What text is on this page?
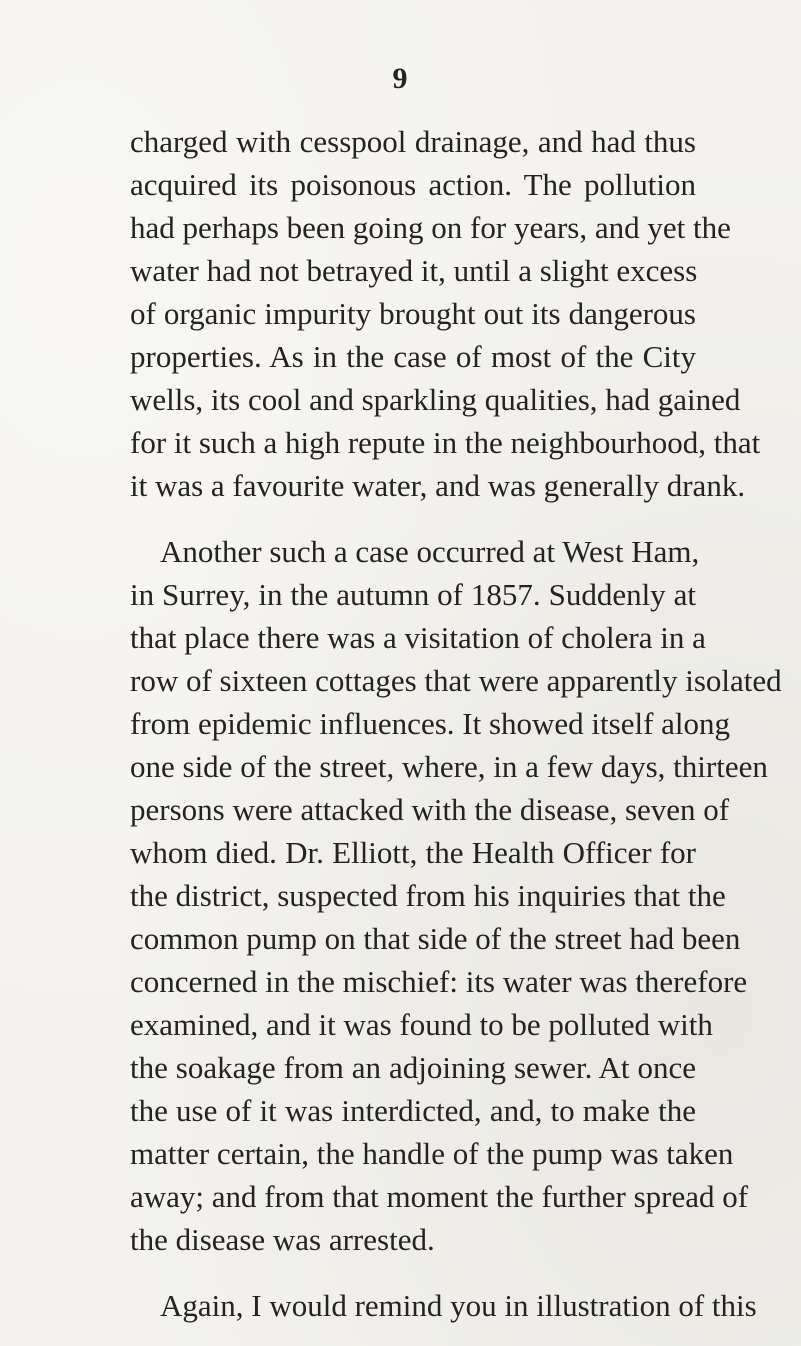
9
charged with cesspool drainage, and had thus
acquired its poisonous action. The pollution
had perhaps been going on for years, and yet the
water had not betrayed it, until a slight excess
of organic impurity brought out its dangerous
properties. As in the case of most of the City
wells, its cool and sparkling qualities, had gained
for it such a high repute in the neighbourhood, that
it was a favourite water, and was generally drank.
Another such a case occurred at West Ham,
in Surrey, in the autumn of 1857. Suddenly at
that place there was a visitation of cholera in a
row of sixteen cottages that were apparently isolated
from epidemic influences. It showed itself along
one side of the street, where, in a few days, thirteen
persons were attacked with the disease, seven of
whom died. Dr. Elliott, the Health Officer for
the district, suspected from his inquiries that the
common pump on that side of the street had been
concerned in the mischief: its water was therefore
examined, and it was found to be polluted with
the soakage from an adjoining sewer. At once
the use of it was interdicted, and, to make the
matter certain, the handle of the pump was taken
away; and from that moment the further spread of
the disease was arrested.
Again, I would remind you in illustration of this
